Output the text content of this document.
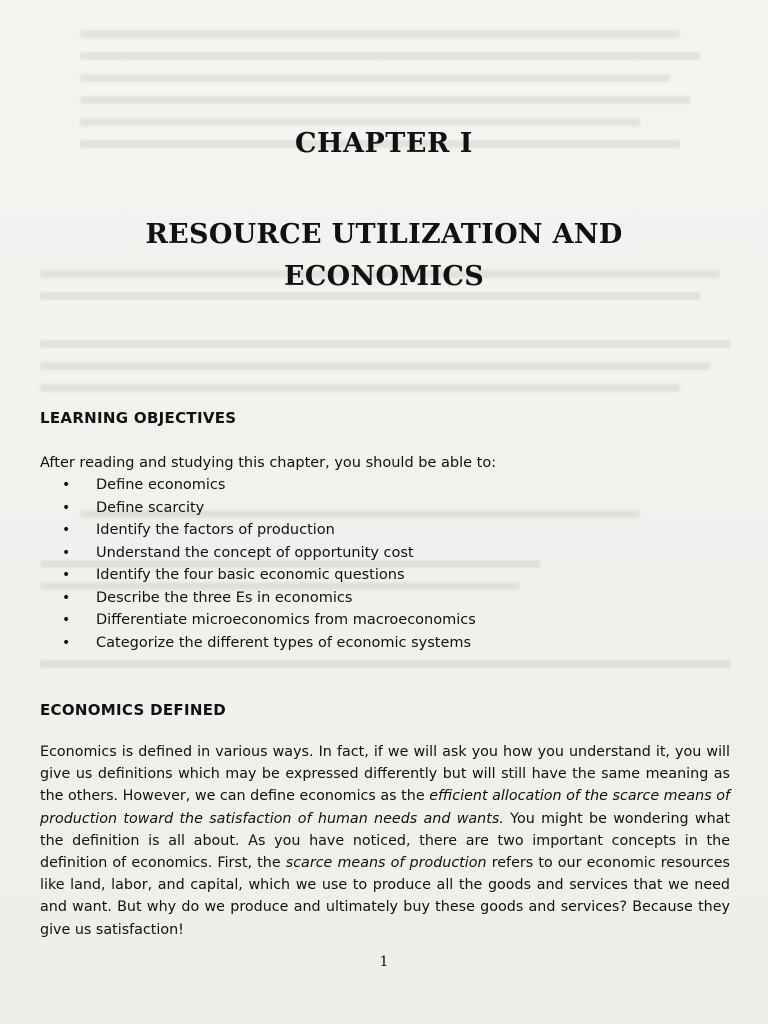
CHAPTER I
RESOURCE UTILIZATION AND
ECONOMICS
LEARNING OBJECTIVES
After reading and studying this chapter, you should be able to:
• Define economics
• Define scarcity
• Identify the factors of production
• Understand the concept of opportunity cost
• Identify the four basic economic questions
• Describe the three Es in economics
• Differentiate microeconomics from macroeconomics
• Categorize the different types of economic systems
ECONOMICS DEFINED
Economics is defined in various ways. In fact, if we will ask you how you understand it, you will give us definitions which may be expressed differently but will still have the same meaning as the others. However, we can define economics as the efficient allocation of the scarce means of production toward the satisfaction of human needs and wants. You might be wondering what the definition is all about. As you have noticed, there are two important concepts in the definition of economics. First, the scarce means of production refers to our economic resources like land, labor, and capital, which we use to produce all the goods and services that we need and want. But why do we produce and ultimately buy these goods and services? Because they give us satisfaction!
1
